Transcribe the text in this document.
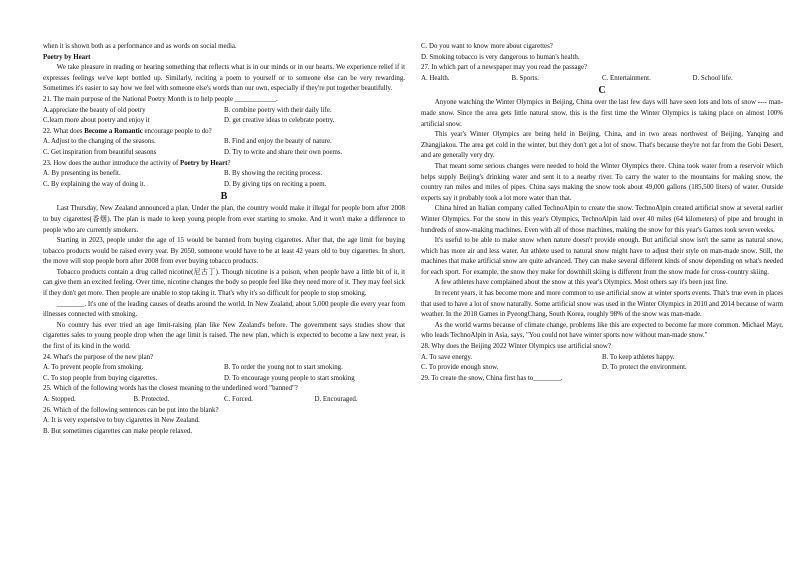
when it is shown both as a performance and as words on social media.

Poetry by Heart

We take pleasure in reading or hearing something that reflects what is in our minds or in our hearts. We experience relief if it expresses feelings we've kept bottled up. Similarly, reciting a poem to yourself or to someone else can be very rewarding. Sometimes it's easier to say how we feel with someone else's words than our own, especially if they're put together beautifully.

21. The main purpose of the National Poetry Month is to help people ____________.

A.appreciate the beauty of old poetry	B. combine poetry with their daily life.
C.learn more about poetry and enjoy it	D. get creative ideas to celebrate poetry.

22. What does Become a Romantic encourage people to do?

A. Adjust to the changing of the seasons.	B. Find and enjoy the beauty of nature.
C. Get inspiration from beautiful seasons	D. Try to write and share their own poems.

23. How does the author introduce the activity of Poetry by Heart?

A. By presenting its benefit.	B. By showing the reciting process.
C. By explaining the way of doing it.	D. By giving tips on reciting a poem.

B

Last Thursday, New Zealand announced a plan. Under the plan, the country would make it illegal for people born after 2008 to buy cigarettes(香烟). The plan is made to keep young people from ever starting to smoke. And it won't make a difference to people who are currently smokers.

Starting in 2023, people under the age of 15 would be banned from buying cigarettes. After that, the age limit for buying tobacco products would be raised every year. By 2050, someone would have to be at least 42 years old to buy cigarettes. In short, the move will stop people born after 2008 from ever buying tobacco products.

Tobacco products contain a drug called nicotine(尼古丁). Though nicotine is a poison, when people have a little bit of it, it can give them an excited feeling. Over time, nicotine changes the body so people feel like they need more of it. They may feel sick if they don't get more. Then people are unable to stop taking it. That's why it's so difficult for people to stop smoking.

________. It's one of the leading causes of deaths around the world. In New Zealand, about 5,000 people die every year from illnesses connected with smoking.

No country has ever tried an age limit-raising plan like New Zealand's before. The government says studies show that cigarettes sales to young people drop when the age limit is raised. The new plan, which is expected to become a law next year, is the first of its kind in the world.

24. What's the purpose of the new plan?

A. To prevent people from smoking.	B. To order the young not to start smoking.
C. To stop people from buying cigarettes.	D. To encourage young people to start smoking

25. Which of the following words has the closest meaning to the underlined word "banned"?

A. Stopped.	B. Protected.	C. Forced.	D. Encouraged.

26. Which of the following sentences can be put into the blank?

A. It is very expensive to buy cigarettes in New Zealand.

B. But sometimes cigarettes can make people relaxed.

C. Do you want to know more about cigarettes?

D. Smoking tobacco is very dangerous to human's health.

27. In which part of a newspaper may you read the passage?

A. Health.	B. Sports.	C. Entertainment.	D. School life.

C

Anyone watching the Winter Olympics in Beijing, China over the last few days will have seen lots and lots of snow ---- man-made snow. Since the area gets little natural snow, this is the first time the Winter Olympics is taking place on almost 100% artificial snow.

This year's Winter Olympics are being held in Beijing, China, and in two areas northwest of Beijing, Yanqing and Zhangjiakou. The area get cold in the winter, but they don't get a lot of snow. That's because they're not far from the Gobi Desert, and are generally very dry.

That meant some serious changes were needed to hold the Winter Olympics there. China took water from a reservoir which helps supply Beijing's drinking water and sent it to a nearby river. To carry the water to the mountains for making snow, the country ran miles and miles of pipes. China says making the snow took about 49,000 gallons (185,500 liters) of water. Outside experts say it probably took a lot more water than that.

China hired an Italian company called TechnoAlpin to create the snow. TechnoAlpin created artificial snow at several earlier Winter Olympics. For the snow in this year's Olympics, TechnoAlpin laid over 40 miles (64 kilometers) of pipe and brought in hundreds of snow-making machines. Even with all of those machines, making the snow for this year's Games took seven weeks.

It's useful to be able to make snow when nature doesn't provide enough. But artificial snow isn't the same as natural snow, which has more air and less water. An athlete used to natural snow might have to adjust their style on man-made snow. Still, the machines that make artificial snow are quite advanced. They can make several different kinds of snow depending on what's needed for each sport. For example, the snow they make for downhill skiing is different from the snow made for cross-country skiing.

A few athletes have complained about the snow at this year's Olympics. Most others say it's been just fine.

In recent years, it has become more and more common to use artificial snow at winter sports events. That's true even in places that used to have a lot of snow naturally. Some artificial snow was used in the Winter Olympics in 2010 and 2014 because of warm weather. In the 2018 Games in PyeongChang, South Korea, roughly 98% of the snow was man-made.

As the world warms because of climate change, problems like this are expected to become far more common. Michael Mayr, who leads TechnoAlpin in Asia, says, "You could not have winter sports now without man-made snow."

28. Why does the Beijing 2022 Winter Olympics use artificial snow?

A. To save energy.	B. To keep athletes happy.
C. To provide enough snow.	D. To protect the environment.

29. To create the snow, China first has to________.
